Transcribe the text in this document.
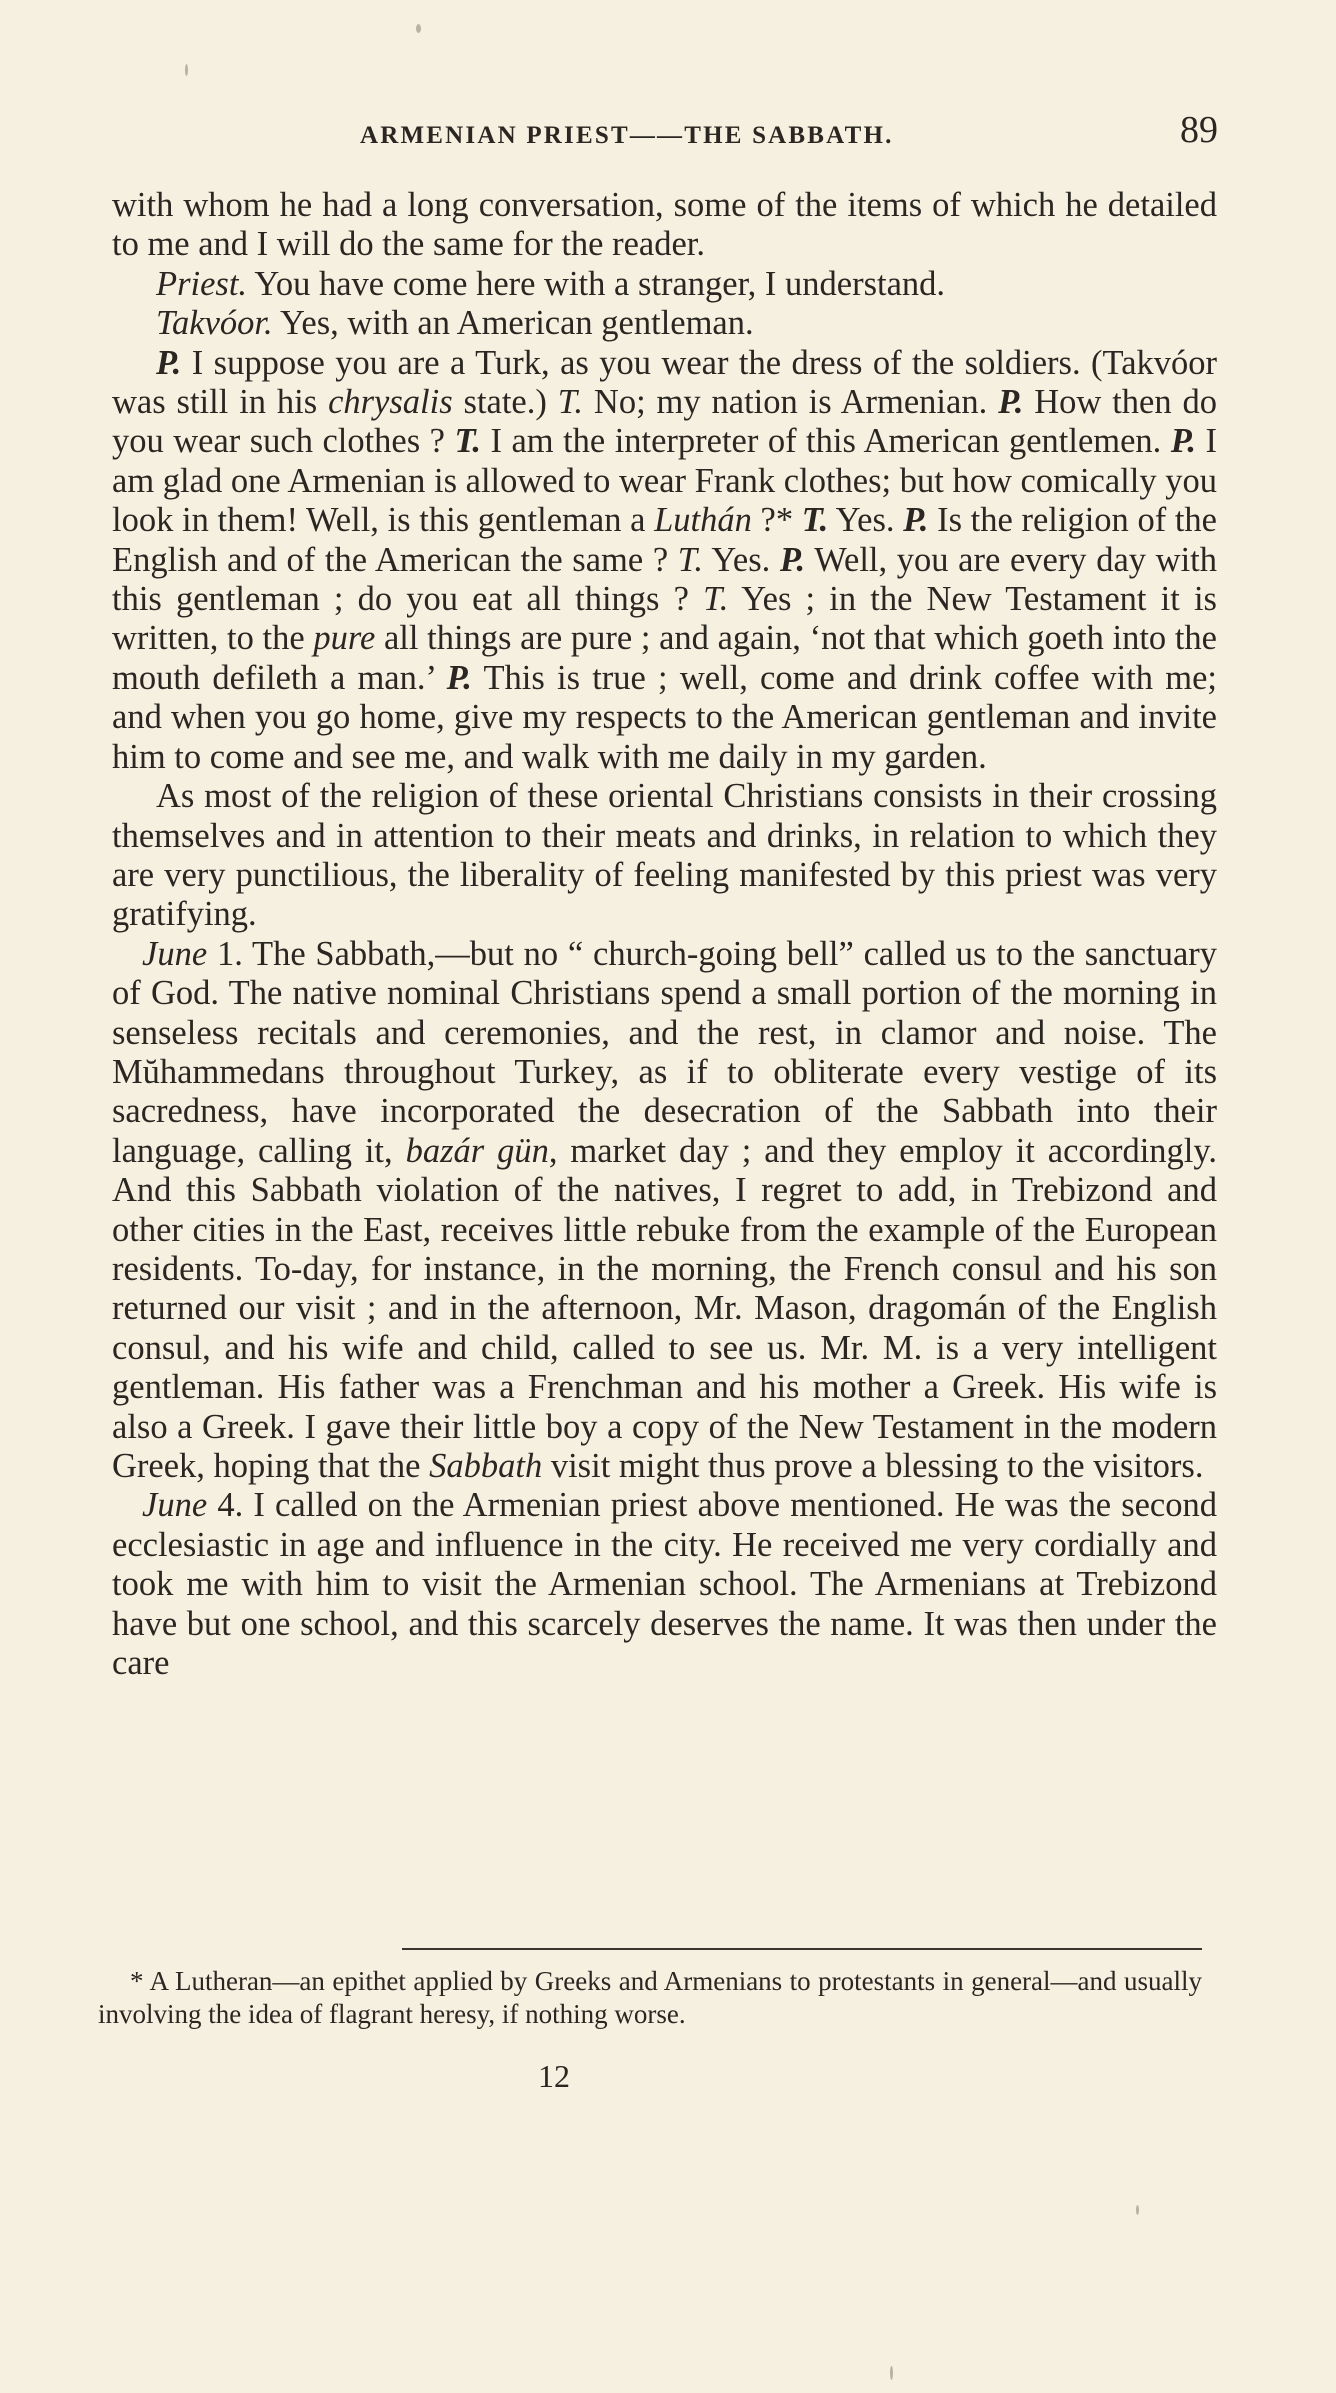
ARMENIAN PRIEST——THE SABBATH.	89

with whom he had a long conversation, some of the items of which he detailed to me and I will do the same for the reader.

Priest. You have come here with a stranger, I understand.

Takvóor. Yes, with an American gentleman.

P. I suppose you are a Turk, as you wear the dress of the soldiers. (Takvóor was still in his chrysalis state.) T. No; my nation is Armenian. P. How then do you wear such clothes ? T. I am the interpreter of this American gentlemen. P. I am glad one Armenian is allowed to wear Frank clothes; but how comically you look in them! Well, is this gentleman a Luthán ?* T. Yes. P. Is the religion of the English and of the American the same ? T. Yes. P. Well, you are every day with this gentleman ; do you eat all things ? T. Yes ; in the New Testament it is written, to the pure all things are pure ; and again, ‘not that which goeth into the mouth defileth a man.’ P. This is true ; well, come and drink coffee with me; and when you go home, give my respects to the American gentleman and invite him to come and see me, and walk with me daily in my garden.

As most of the religion of these oriental Christians consists in their crossing themselves and in attention to their meats and drinks, in relation to which they are very punctilious, the liberality of feeling manifested by this priest was very gratifying.

June 1. The Sabbath,—but no “ church-going bell” called us to the sanctuary of God. The native nominal Christians spend a small portion of the morning in senseless recitals and ceremonies, and the rest, in clamor and noise. The Mŭhammedans throughout Turkey, as if to obliterate every vestige of its sacredness, have incorporated the desecration of the Sabbath into their language, calling it, bazár gün, market day ; and they employ it accordingly. And this Sabbath violation of the natives, I regret to add, in Trebizond and other cities in the East, receives little rebuke from the example of the European residents. To-day, for instance, in the morning, the French consul and his son returned our visit ; and in the afternoon, Mr. Mason, dragomán of the English consul, and his wife and child, called to see us. Mr. M. is a very intelligent gentleman. His father was a Frenchman and his mother a Greek. His wife is also a Greek. I gave their little boy a copy of the New Testament in the modern Greek, hoping that the Sabbath visit might thus prove a blessing to the visitors.

June 4. I called on the Armenian priest above mentioned. He was the second ecclesiastic in age and influence in the city. He received me very cordially and took me with him to visit the Armenian school. The Armenians at Trebizond have but one school, and this scarcely deserves the name. It was then under the care

* A Lutheran—an epithet applied by Greeks and Armenians to protestants in general—and usually involving the idea of flagrant heresy, if nothing worse.
12
